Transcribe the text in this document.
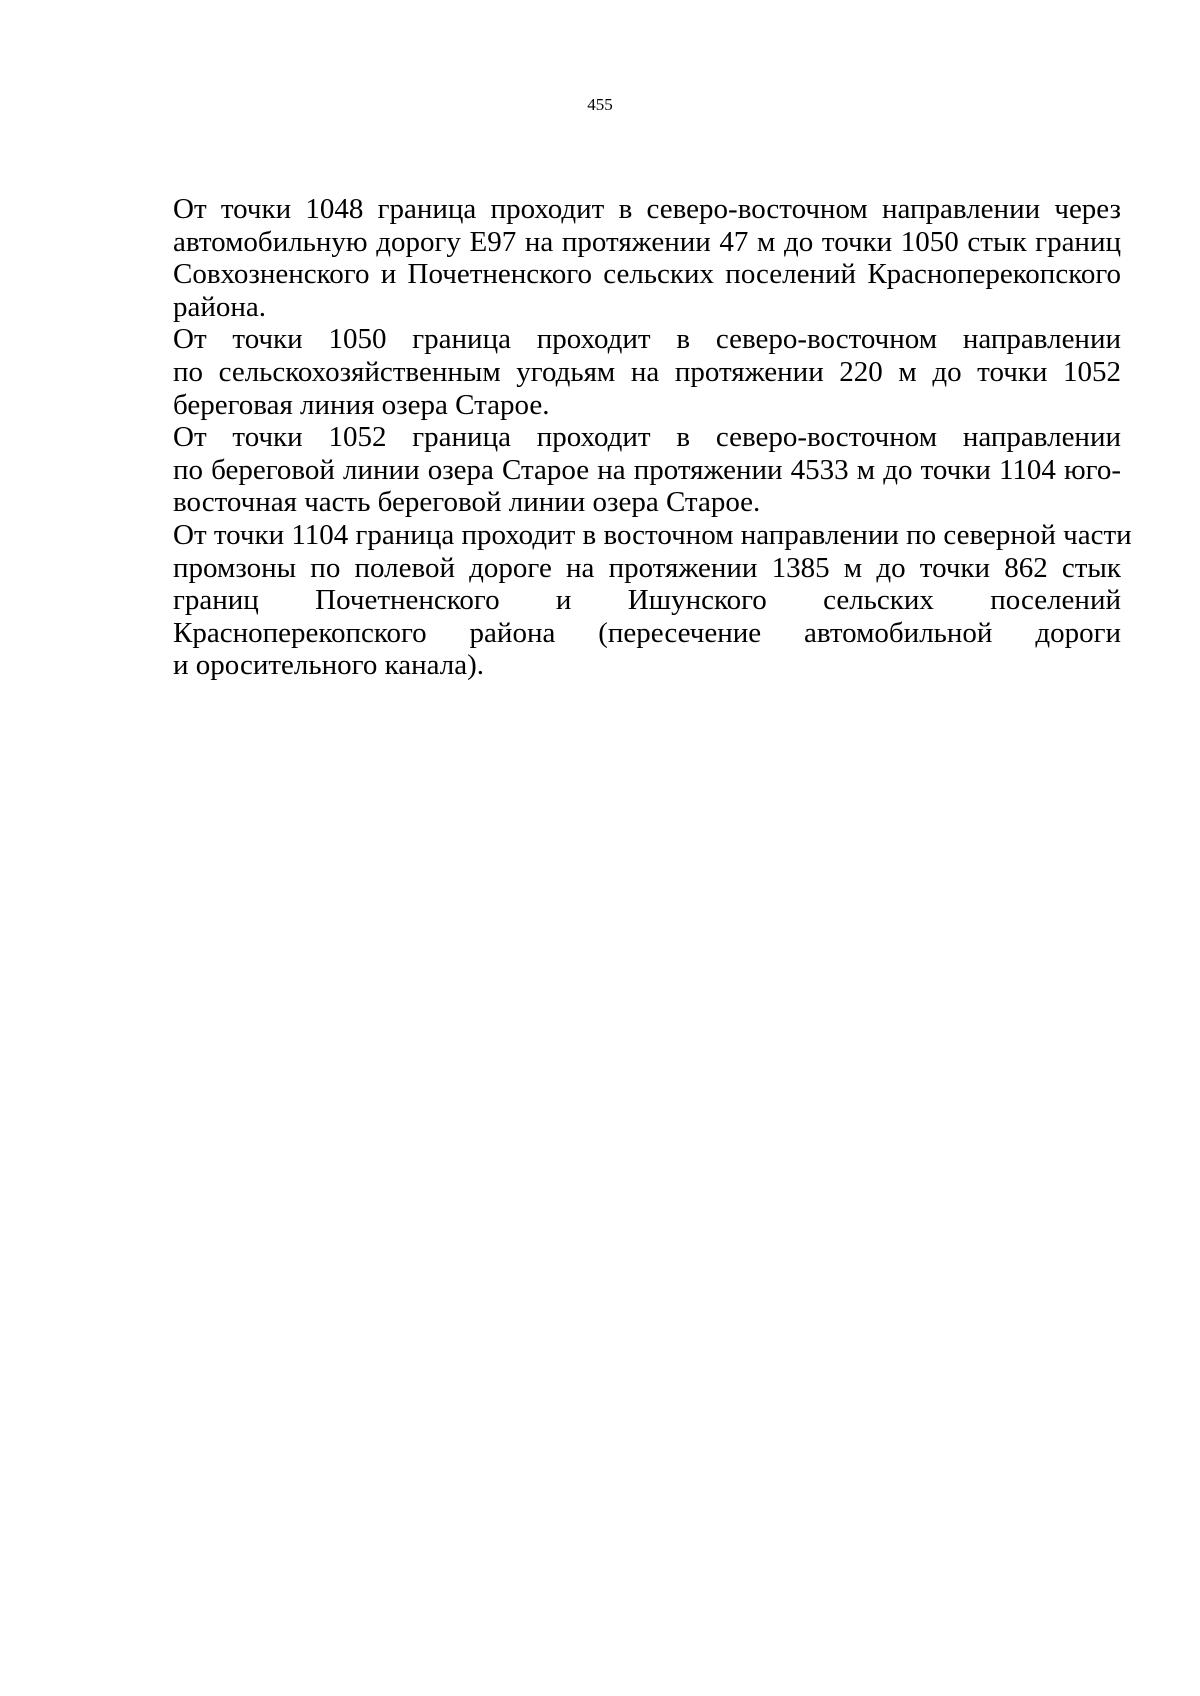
455
От точки 1048 граница проходит в северо-восточном направлении через
автомобильную дорогу Е97 на протяжении 47 м до точки 1050 стык границ
Совхозненского и Почетненского сельских поселений Красноперекопского
района.
От точки 1050 граница проходит в северо-восточном направлении
по сельскохозяйственным угодьям на протяжении 220 м до точки 1052
береговая линия озера Старое.
От точки 1052 граница проходит в северо-восточном направлении
по береговой линии озера Старое на протяжении 4533 м до точки 1104 юго-
восточная часть береговой линии озера Старое.
От точки 1104 граница проходит в восточном направлении по северной части
промзоны по полевой дороге на протяжении 1385 м до точки 862 стык
границ Почетненского и Ишунского сельских поселений
Красноперекопского района (пересечение автомобильной дороги
и оросительного канала).
